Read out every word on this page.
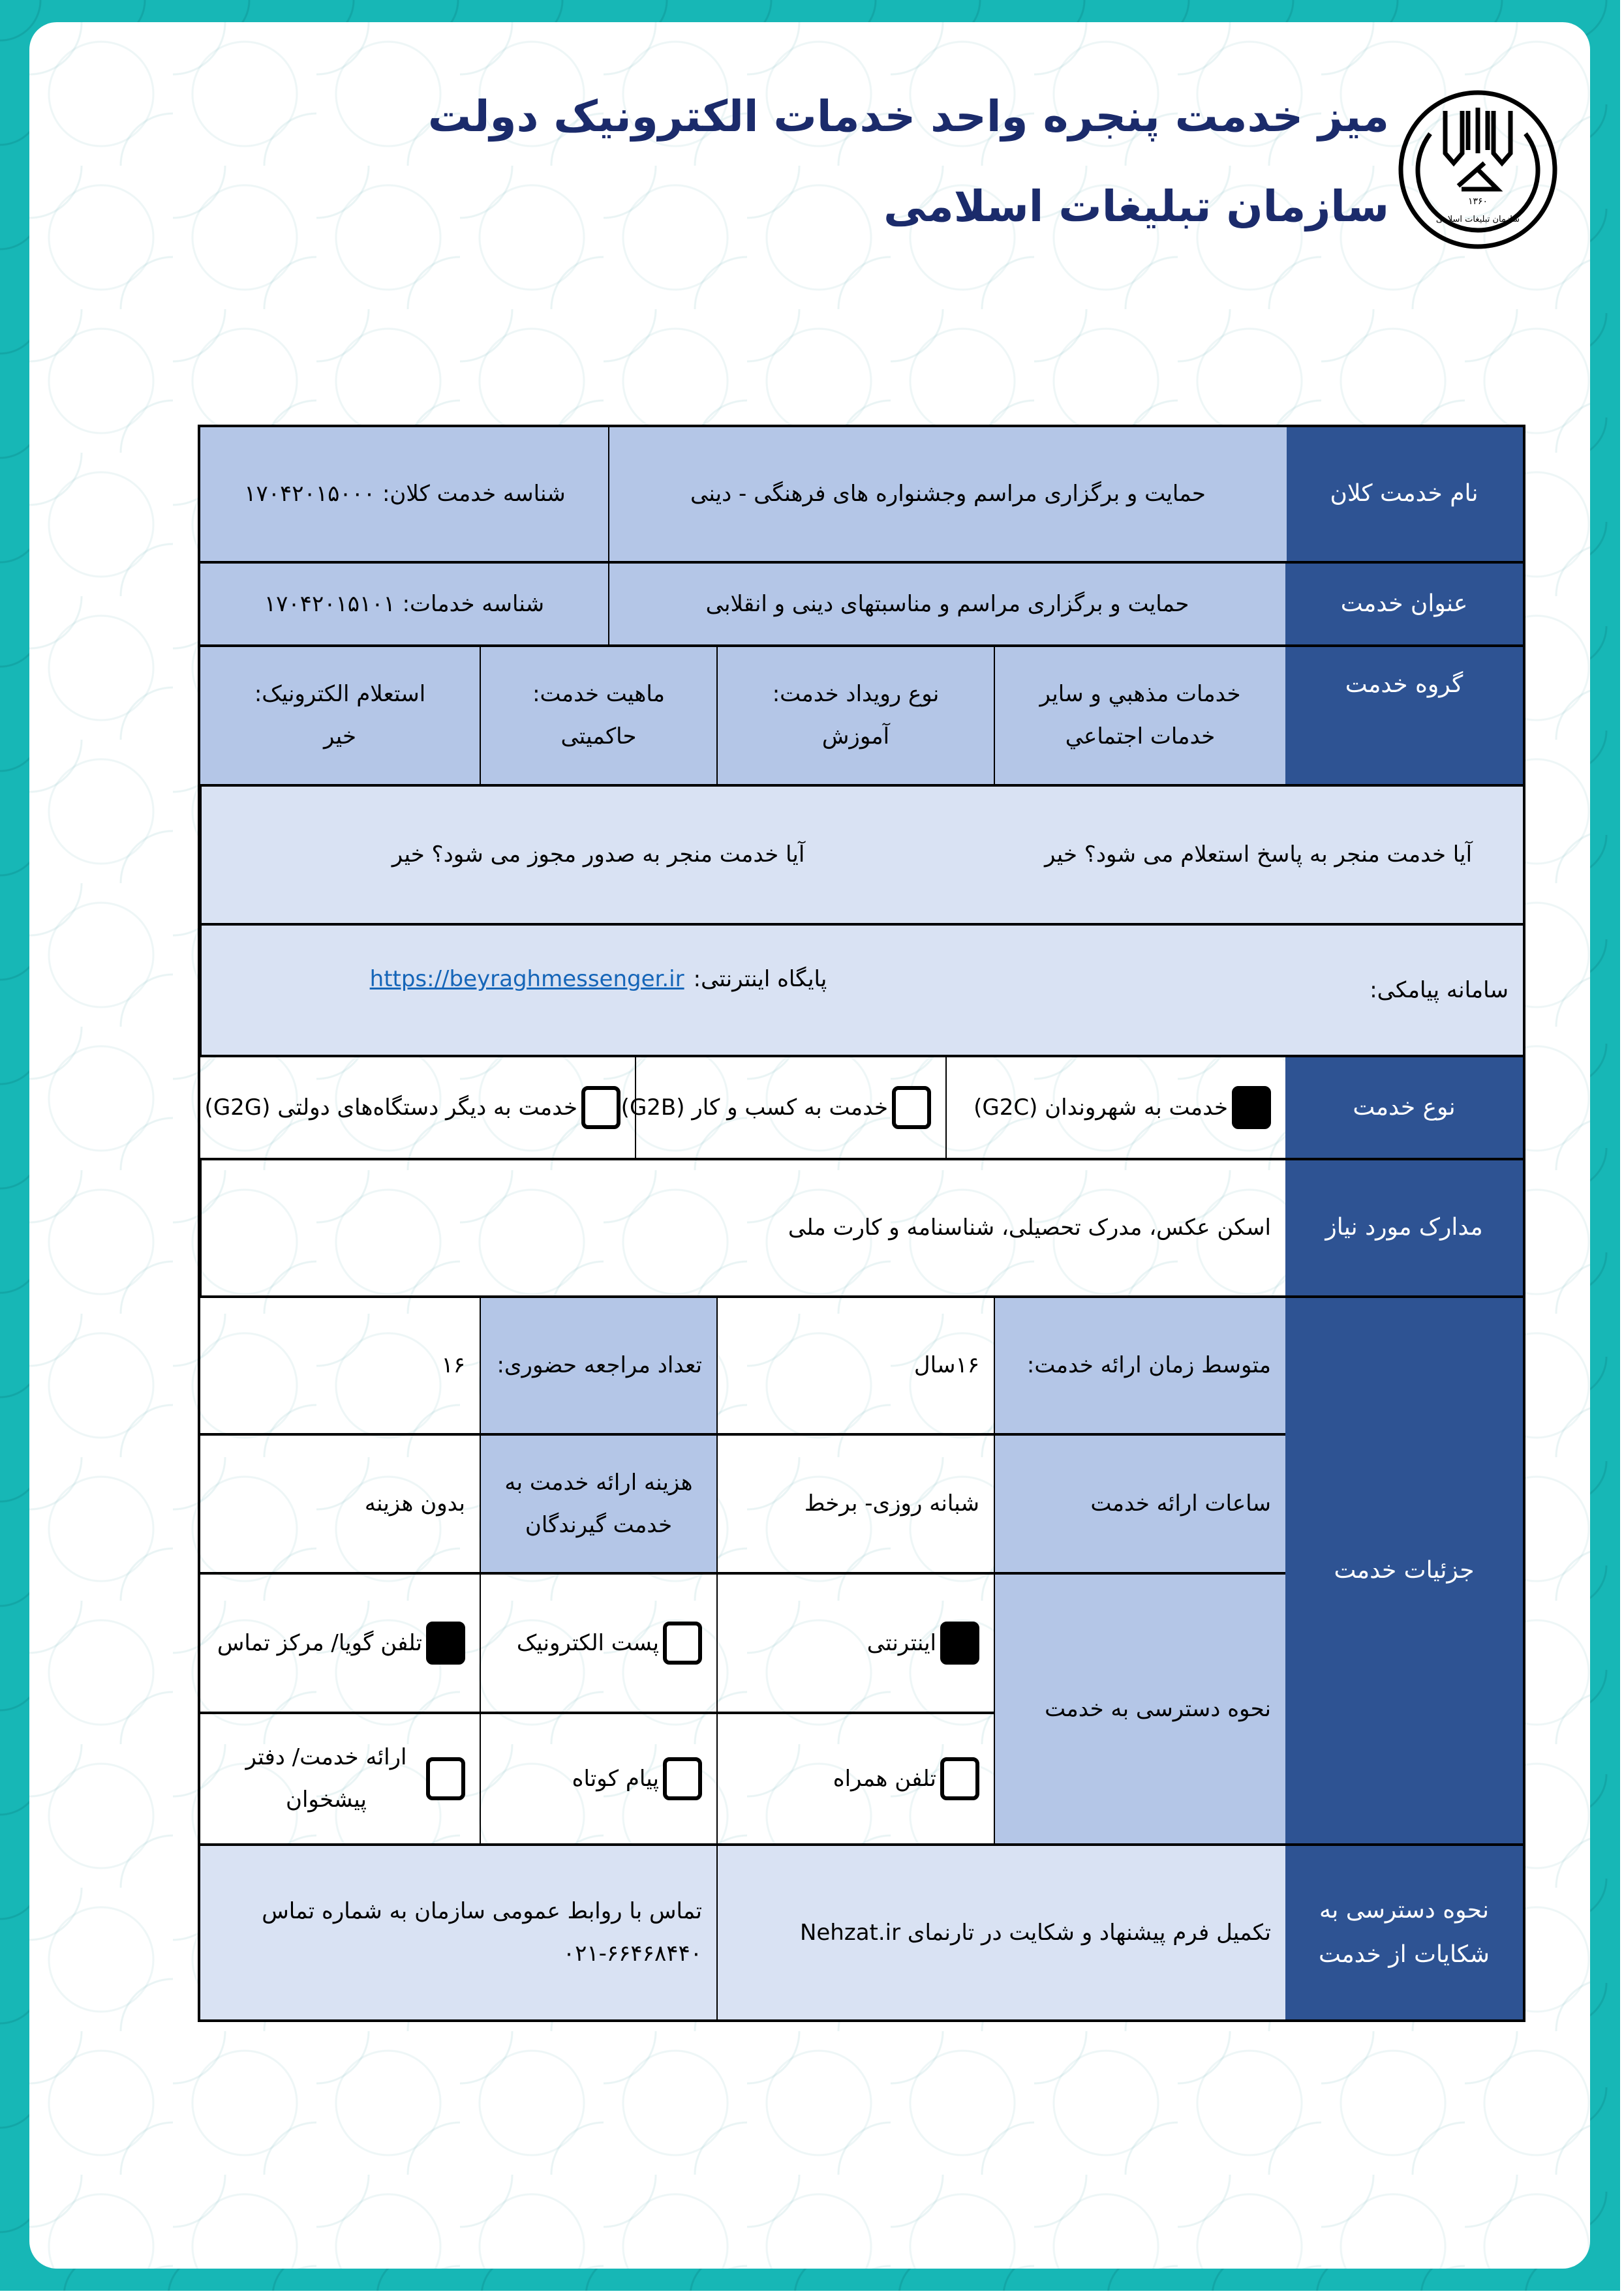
میز خدمت پنجره واحد خدمات الکترونیک دولت
سازمان تبلیغات اسلامی	۱۳۶۰
سازمان تبلیغات اسلامی
نام خدمت کلان
حمایت و برگزاری مراسم وجشنواره های فرهنگی - دینی
شناسه خدمت کلان: ۱۷۰۴۲۰۱۵۰۰۰
عنوان خدمت
حمایت و برگزاری مراسم و مناسبتهای دینی و انقلابی
شناسه خدمات: ۱۷۰۴۲۰۱۵۱۰۱
گروه خدمت
خدمات مذهبي و ساير خدمات اجتماعي
نوع رویداد خدمت:
آموزش
ماهیت خدمت:
حاکمیتی
استعلام الکترونیک:
خیر
آیا خدمت منجر به پاسخ استعلام می شود؟ خیر
آیا خدمت منجر به صدور مجوز می شود؟ خیر
سامانه پیامکی:
پایگاه اینترنتی:
https://beyraghmessenger.ir
نوع خدمت
خدمت به شهروندان (G2C)
خدمت به کسب و کار (G2B)
خدمت به دیگر دستگاه‌های دولتی (G2G)
مدارک مورد نیاز
اسکن عکس، مدرک تحصیلی، شناسنامه و کارت ملی
جزئیات خدمت
متوسط زمان ارائه خدمت:
۱۶سال
تعداد مراجعه حضوری:
۱۶
ساعات ارائه خدمت
شبانه روزی- برخط
هزینه ارائه خدمت به خدمت گیرندگان
بدون هزینه
نحوه دسترسی به خدمت
اینترنتی
پست الکترونیک
تلفن گویا/ مرکز تماس
تلفن همراه
پیام کوتاه
ارائه خدمت/ دفتر پیشخوان
نحوه دسترسی به شکایات از خدمت
تکمیل فرم پیشنهاد و شکایت در تارنمای Nehzat.ir
تماس با روابط عمومی سازمان به شماره تماس
۰۲۱-۶۶۴۶۸۴۴۰
